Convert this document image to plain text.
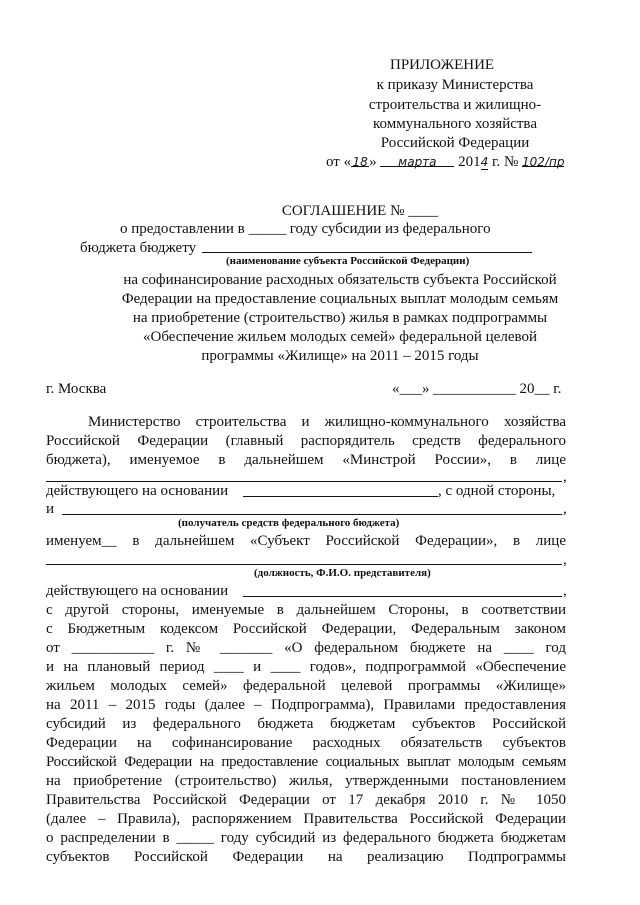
ПРИЛОЖЕНИЕ
к приказу Министерства
строительства и жилищно-
коммунального хозяйства
Российской Федерации
от «18» марта 2014 г. № 102/пр
СОГЛАШЕНИЕ № ____
о предоставлении в _____ году субсидии из федерального
бюджета бюджету
(наименование субъекта Российской Федерации)
на софинансирование расходных обязательств субъекта Российской
Федерации на предоставление социальных выплат молодым семьям
на приобретение (строительство) жилья в рамках подпрограммы
«Обеспечение жильем молодых семей» федеральной целевой
программы «Жилище» на 2011 – 2015 годы
г. Москва	«___» ___________ 20__ г.
Министерство строительства и жилищно-коммунального хозяйства
Российской Федерации (главный распорядитель средств федерального
бюджета), именуемое в дальнейшем «Минстрой России», в лице
,
действующего на основании	, с одной стороны,
и	,
(получатель средств федерального бюджета)
именуем__ в дальнейшем «Субъект Российской Федерации», в лице
,
(должность, Ф.И.О. представителя)
действующего на основании	,
с другой стороны, именуемые в дальнейшем Стороны, в соответствии
с Бюджетным кодексом Российской Федерации, Федеральным законом
от ___________ г. № _______ «О федеральном бюджете на ____ год
и на плановый период ____ и ____ годов», подпрограммой «Обеспечение
жильем молодых семей» федеральной целевой программы «Жилище»
на 2011 – 2015 годы (далее – Подпрограмма), Правилами предоставления
субсидий из федерального бюджета бюджетам субъектов Российской
Федерации на софинансирование расходных обязательств субъектов
Российской Федерации на предоставление социальных выплат молодым семьям
на приобретение (строительство) жилья, утвержденными постановлением
Правительства Российской Федерации от 17 декабря 2010 г. № 1050
(далее – Правила), распоряжением Правительства Российской Федерации
о распределении в _____ году субсидий из федерального бюджета бюджетам
субъектов Российской Федерации на реализацию Подпрограммы
